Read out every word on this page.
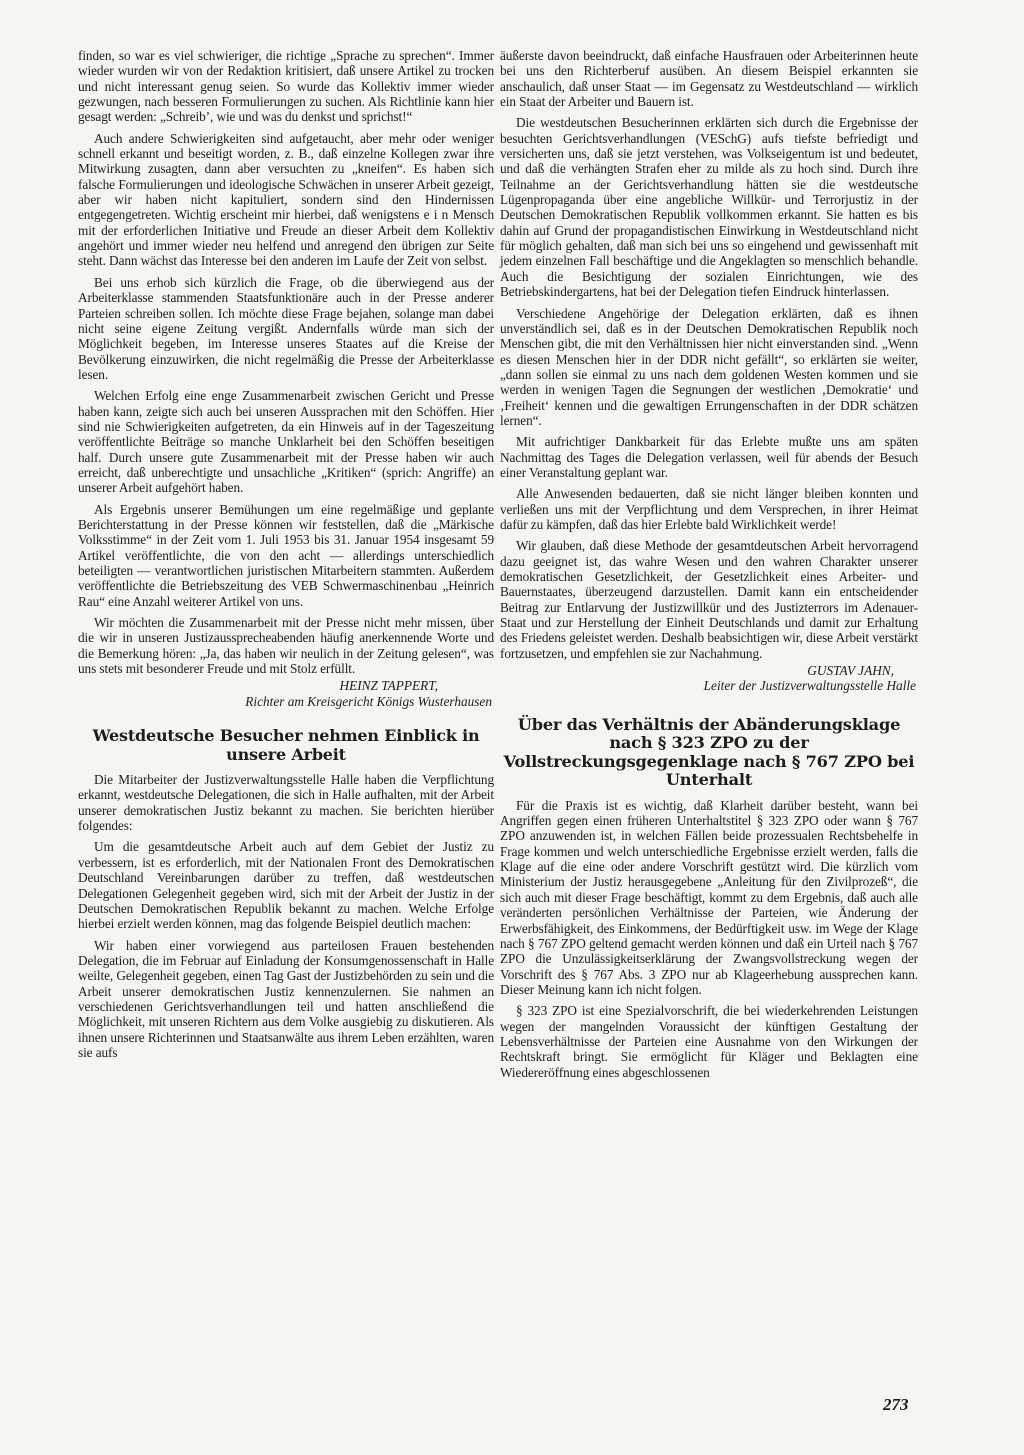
finden, so war es viel schwieriger, die richtige „Sprache zu sprechen“. Immer wieder wurden wir von der Redaktion kritisiert, daß unsere Artikel zu trocken und nicht interessant genug seien. So wurde das Kollektiv immer wieder gezwungen, nach besseren Formulierungen zu suchen. Als Richtlinie kann hier gesagt werden: „Schreib’, wie und was du denkst und sprichst!“

Auch andere Schwierigkeiten sind aufgetaucht, aber mehr oder weniger schnell erkannt und beseitigt worden, z. B., daß einzelne Kollegen zwar ihre Mitwirkung zusagten, dann aber versuchten zu „kneifen“. Es haben sich falsche Formulierungen und ideologische Schwächen in unserer Arbeit gezeigt, aber wir haben nicht kapituliert, sondern sind den Hindernissen entgegengetreten. Wichtig erscheint mir hierbei, daß wenigstens e i n Mensch mit der erforderlichen Initiative und Freude an dieser Arbeit dem Kollektiv angehört und immer wieder neu helfend und anregend den übrigen zur Seite steht. Dann wächst das Interesse bei den anderen im Laufe der Zeit von selbst.

Bei uns erhob sich kürzlich die Frage, ob die überwiegend aus der Arbeiterklasse stammenden Staatsfunktionäre auch in der Presse anderer Parteien schreiben sollen. Ich möchte diese Frage bejahen, solange man dabei nicht seine eigene Zeitung vergißt. Andernfalls würde man sich der Möglichkeit begeben, im Interesse unseres Staates auf die Kreise der Bevölkerung einzuwirken, die nicht regelmäßig die Presse der Arbeiterklasse lesen.

Welchen Erfolg eine enge Zusammenarbeit zwischen Gericht und Presse haben kann, zeigte sich auch bei unseren Aussprachen mit den Schöffen. Hier sind nie Schwierigkeiten aufgetreten, da ein Hinweis auf in der Tageszeitung veröffentlichte Beiträge so manche Unklarheit bei den Schöffen beseitigen half. Durch unsere gute Zusammenarbeit mit der Presse haben wir auch erreicht, daß unberechtigte und unsachliche „Kritiken“ (sprich: Angriffe) an unserer Arbeit aufgehört haben.

Als Ergebnis unserer Bemühungen um eine regelmäßige und geplante Berichterstattung in der Presse können wir feststellen, daß die „Märkische Volksstimme“ in der Zeit vom 1. Juli 1953 bis 31. Januar 1954 insgesamt 59 Artikel veröffentlichte, die von den acht — allerdings unterschiedlich beteiligten — verantwortlichen juristischen Mitarbeitern stammten. Außerdem veröffentlichte die Betriebszeitung des VEB Schwermaschinenbau „Heinrich Rau“ eine Anzahl weiterer Artikel von uns.

Wir möchten die Zusammenarbeit mit der Presse nicht mehr missen, über die wir in unseren Justizaussprecheabenden häufig anerkennende Worte und die Bemerkung hören: „Ja, das haben wir neulich in der Zeitung gelesen“, was uns stets mit besonderer Freude und mit Stolz erfüllt.

HEINZ TAPPERT,
Richter am Kreisgericht Königs Wusterhausen
Westdeutsche Besucher nehmen Einblick in unsere Arbeit

Die Mitarbeiter der Justizverwaltungsstelle Halle haben die Verpflichtung erkannt, westdeutsche Delegationen, die sich in Halle aufhalten, mit der Arbeit unserer demokratischen Justiz bekannt zu machen. Sie berichten hierüber folgendes:

Um die gesamtdeutsche Arbeit auch auf dem Gebiet der Justiz zu verbessern, ist es erforderlich, mit der Nationalen Front des Demokratischen Deutschland Vereinbarungen darüber zu treffen, daß westdeutschen Delegationen Gelegenheit gegeben wird, sich mit der Arbeit der Justiz in der Deutschen Demokratischen Republik bekannt zu machen. Welche Erfolge hierbei erzielt werden können, mag das folgende Beispiel deutlich machen:

Wir haben einer vorwiegend aus parteilosen Frauen bestehenden Delegation, die im Februar auf Einladung der Konsumgenossenschaft in Halle weilte, Gelegenheit gegeben, einen Tag Gast der Justizbehörden zu sein und die Arbeit unserer demokratischen Justiz kennenzulernen. Sie nahmen an verschiedenen Gerichtsverhandlungen teil und hatten anschließend die Möglichkeit, mit unseren Richtern aus dem Volke ausgiebig zu diskutieren. Als ihnen unsere Richterinnen und Staatsanwälte aus ihrem Leben erzählten, waren sie aufs

äußerste davon beeindruckt, daß einfache Hausfrauen oder Arbeiterinnen heute bei uns den Richterberuf ausüben. An diesem Beispiel erkannten sie anschaulich, daß unser Staat — im Gegensatz zu Westdeutschland — wirklich ein Staat der Arbeiter und Bauern ist.

Die westdeutschen Besucherinnen erklärten sich durch die Ergebnisse der besuchten Gerichtsverhandlungen (VESchG) aufs tiefste befriedigt und versicherten uns, daß sie jetzt verstehen, was Volkseigentum ist und bedeutet, und daß die verhängten Strafen eher zu milde als zu hoch sind. Durch ihre Teilnahme an der Gerichtsverhandlung hätten sie die westdeutsche Lügenpropaganda über eine angebliche Willkür- und Terrorjustiz in der Deutschen Demokratischen Republik vollkommen erkannt. Sie hatten es bis dahin auf Grund der propagandistischen Einwirkung in Westdeutschland nicht für möglich gehalten, daß man sich bei uns so eingehend und gewissenhaft mit jedem einzelnen Fall beschäftige und die Angeklagten so menschlich behandle. Auch die Besichtigung der sozialen Einrichtungen, wie des Betriebskindergartens, hat bei der Delegation tiefen Eindruck hinterlassen.

Verschiedene Angehörige der Delegation erklärten, daß es ihnen unverständlich sei, daß es in der Deutschen Demokratischen Republik noch Menschen gibt, die mit den Verhältnissen hier nicht einverstanden sind. „Wenn es diesen Menschen hier in der DDR nicht gefällt“, so erklärten sie weiter, „dann sollen sie einmal zu uns nach dem goldenen Westen kommen und sie werden in wenigen Tagen die Segnungen der westlichen ‚Demokratie‘ und ‚Freiheit‘ kennen und die gewaltigen Errungenschaften in der DDR schätzen lernen“.

Mit aufrichtiger Dankbarkeit für das Erlebte mußte uns am späten Nachmittag des Tages die Delegation verlassen, weil für abends der Besuch einer Veranstaltung geplant war.

Alle Anwesenden bedauerten, daß sie nicht länger bleiben konnten und verließen uns mit der Verpflichtung und dem Versprechen, in ihrer Heimat dafür zu kämpfen, daß das hier Erlebte bald Wirklichkeit werde!

Wir glauben, daß diese Methode der gesamtdeutschen Arbeit hervorragend dazu geeignet ist, das wahre Wesen und den wahren Charakter unserer demokratischen Gesetzlichkeit, der Gesetzlichkeit eines Arbeiter- und Bauernstaates, überzeugend darzustellen. Damit kann ein entscheidender Beitrag zur Entlarvung der Justizwillkür und des Justizterrors im Adenauer-Staat und zur Herstellung der Einheit Deutschlands und damit zur Erhaltung des Friedens geleistet werden. Deshalb beabsichtigen wir, diese Arbeit verstärkt fortzusetzen, und empfehlen sie zur Nachahmung.

GUSTAV JAHN,
Leiter der Justizverwaltungsstelle Halle
Über das Verhältnis der Abänderungsklage nach § 323 ZPO zu der Vollstreckungsgegenklage nach § 767 ZPO bei Unterhalt

Für die Praxis ist es wichtig, daß Klarheit darüber besteht, wann bei Angriffen gegen einen früheren Unterhaltstitel § 323 ZPO oder wann § 767 ZPO anzuwenden ist, in welchen Fällen beide prozessualen Rechtsbehelfe in Frage kommen und welch unterschiedliche Ergebnisse erzielt werden, falls die Klage auf die eine oder andere Vorschrift gestützt wird. Die kürzlich vom Ministerium der Justiz herausgegebene „Anleitung für den Zivilprozeß“, die sich auch mit dieser Frage beschäftigt, kommt zu dem Ergebnis, daß auch alle veränderten persönlichen Verhältnisse der Parteien, wie Änderung der Erwerbsfähigkeit, des Einkommens, der Bedürftigkeit usw. im Wege der Klage nach § 767 ZPO geltend gemacht werden können und daß ein Urteil nach § 767 ZPO die Unzulässigkeitserklärung der Zwangsvollstreckung wegen der Vorschrift des § 767 Abs. 3 ZPO nur ab Klageerhebung aussprechen kann. Dieser Meinung kann ich nicht folgen.

§ 323 ZPO ist eine Spezialvorschrift, die bei wiederkehrenden Leistungen wegen der mangelnden Voraussicht der künftigen Gestaltung der Lebensverhältnisse der Parteien eine Ausnahme von den Wirkungen der Rechtskraft bringt. Sie ermöglicht für Kläger und Beklagten eine Wiedereröffnung eines abgeschlossenen

273
